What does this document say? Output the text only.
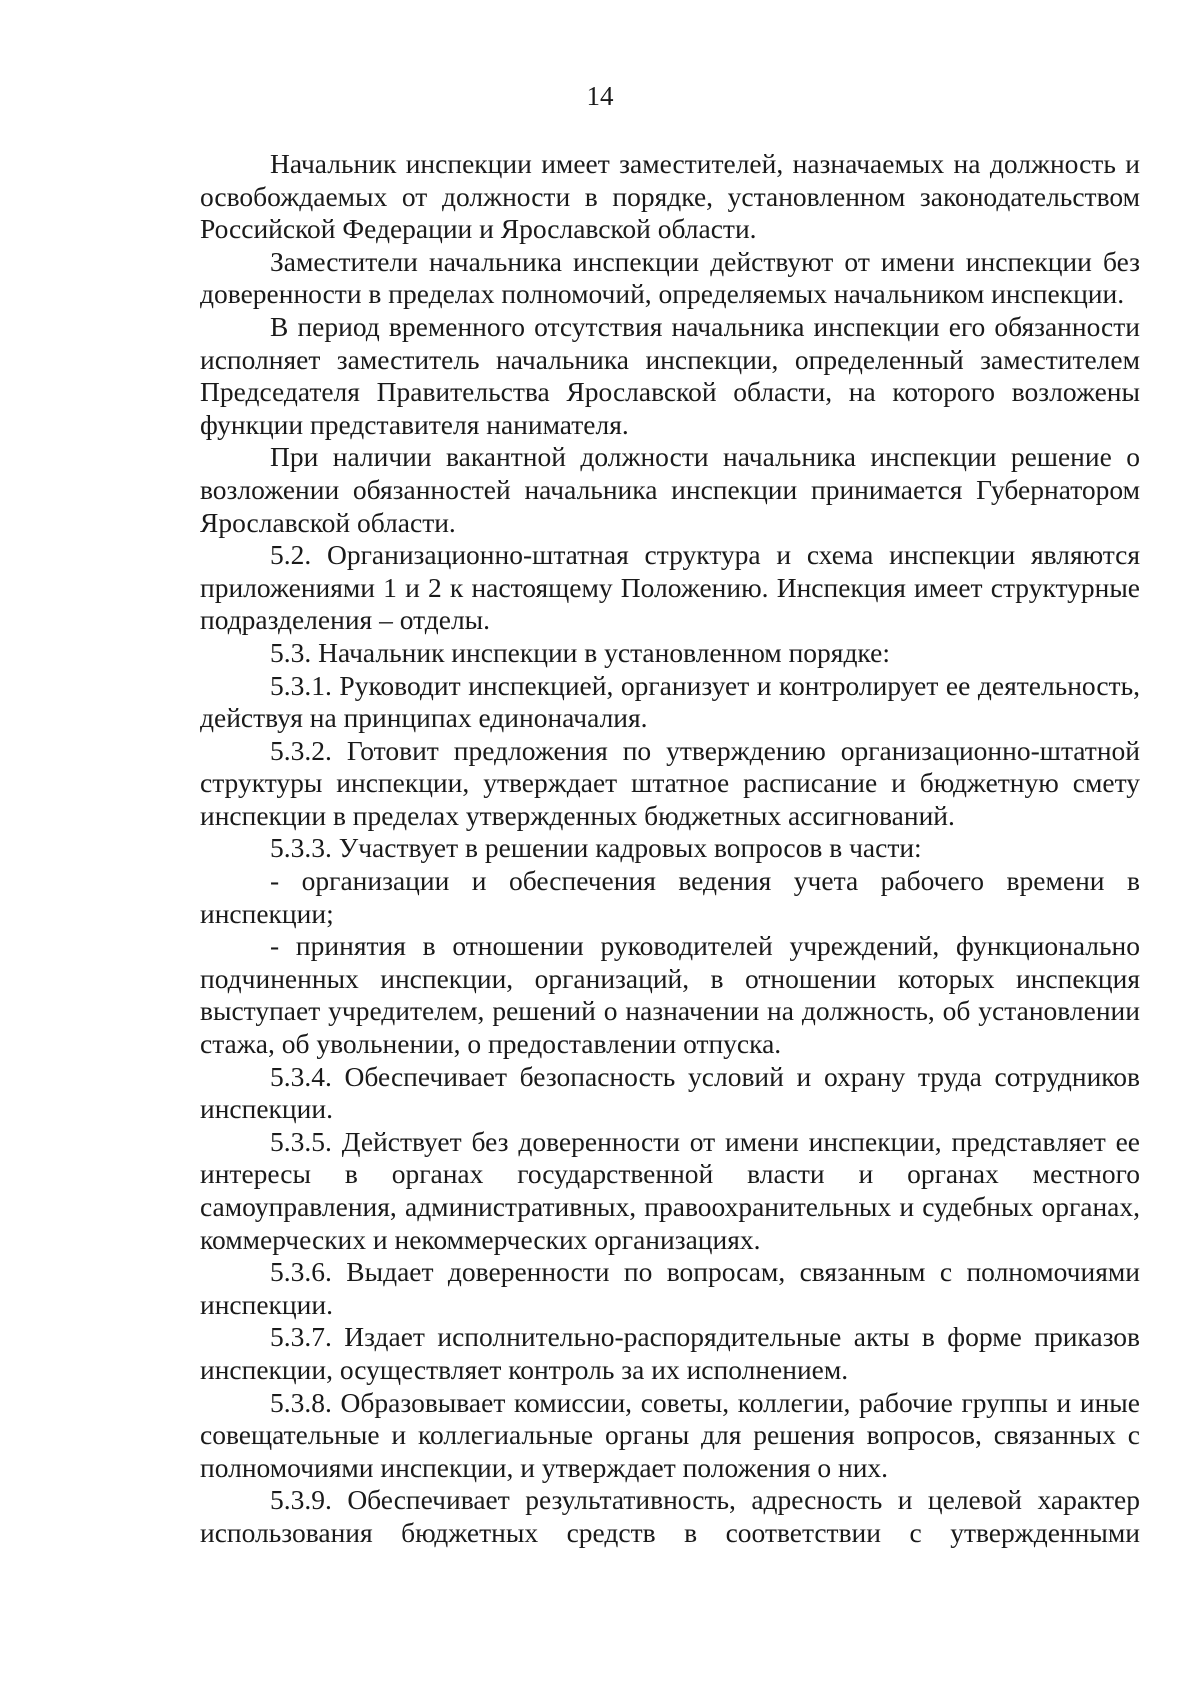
14

Начальник инспекции имеет заместителей, назначаемых на должность и освобождаемых от должности в порядке, установленном законодательством Российской Федерации и Ярославской области.

Заместители начальника инспекции действуют от имени инспекции без доверенности в пределах полномочий, определяемых начальником инспекции.

В период временного отсутствия начальника инспекции его обязанности исполняет заместитель начальника инспекции, определенный заместителем Председателя Правительства Ярославской области, на которого возложены функции представителя нанимателя.

При наличии вакантной должности начальника инспекции решение о возложении обязанностей начальника инспекции принимается Губернатором Ярославской области.

5.2. Организационно-штатная структура и схема инспекции являются приложениями 1 и 2 к настоящему Положению. Инспекция имеет структурные подразделения – отделы.

5.3. Начальник инспекции в установленном порядке:

5.3.1. Руководит инспекцией, организует и контролирует ее деятельность, действуя на принципах единоначалия.

5.3.2. Готовит предложения по утверждению организационно-штатной структуры инспекции, утверждает штатное расписание и бюджетную смету инспекции в пределах утвержденных бюджетных ассигнований.

5.3.3. Участвует в решении кадровых вопросов в части:

- организации и обеспечения ведения учета рабочего времени в инспекции;

- принятия в отношении руководителей учреждений, функционально подчиненных инспекции, организаций, в отношении которых инспекция выступает учредителем, решений о назначении на должность, об установлении стажа, об увольнении, о предоставлении отпуска.

5.3.4. Обеспечивает безопасность условий и охрану труда сотрудников инспекции.

5.3.5. Действует без доверенности от имени инспекции, представляет ее интересы в органах государственной власти и органах местного самоуправления, административных, правоохранительных и судебных органах, коммерческих и некоммерческих организациях.

5.3.6. Выдает доверенности по вопросам, связанным с полномочиями инспекции.

5.3.7. Издает исполнительно-распорядительные акты в форме приказов инспекции, осуществляет контроль за их исполнением.

5.3.8. Образовывает комиссии, советы, коллегии, рабочие группы и иные совещательные и коллегиальные органы для решения вопросов, связанных с полномочиями инспекции, и утверждает положения о них.

5.3.9. Обеспечивает результативность, адресность и целевой характер использования бюджетных средств в соответствии с утвержденными
